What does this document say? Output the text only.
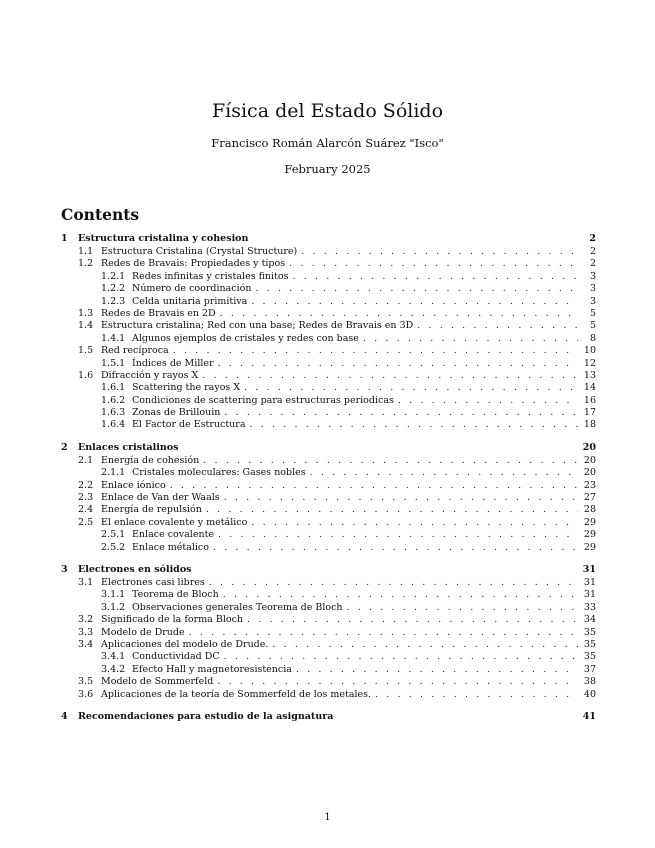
Física del Estado Sólido
Francisco Román Alarcón Suárez "Isco"
February 2025
Contents
1	Estructura cristalina y cohesion	2
1.1 Estructura Cristalina (Crystal Structure) . . .	2
1.2 Redes de Bravais: Propiedades y tipos . . .	2
1.2.1 Redes infinitas y cristales finitos . . .	3
1.2.2 Número de coordinación . . .	3
1.2.3 Celda unitaria primitiva . . .	3
1.3 Redes de Bravais en 2D . . .	5
1.4 Estructura cristalina; Red con una base; Redes de Bravais en 3D . . .	5
1.4.1 Algunos ejemplos de cristales y redes con base . . .	8
1.5 Red recíproca . . .	10
1.5.1 Índices de Miller . . .	12
1.6 Difracción y rayos X . . .	13
1.6.1 Scattering the rayos X . . .	14
1.6.2 Condiciones de scattering para estructuras periodicas . . .	16
1.6.3 Zonas de Brillouin . . .	17
1.6.4 El Factor de Estructura . . .	18
2	Enlaces cristalinos	20
2.1 Energía de cohesión . . .	20
2.1.1 Cristales moleculares: Gases nobles . . .	20
2.2 Enlace iónico . . .	23
2.3 Enlace de Van der Waals . . .	27
2.4 Energía de repulsión . . .	28
2.5 El enlace covalente y metálico . . .	29
2.5.1 Enlace covalente . . .	29
2.5.2 Enlace métalico . . .	29
3	Electrones en sólidos	31
3.1 Electrones casi libres . . .	31
3.1.1 Teorema de Bloch . . .	31
3.1.2 Observaciones generales Teorema de Bloch . . .	33
3.2 Significado de la forma Bloch . . .	34
3.3 Modelo de Drude . . .	35
3.4 Aplicaciones del modelo de Drude. . . .	35
3.4.1 Conductividad DC . . .	35
3.4.2 Efecto Hall y magnetoresistencia . . .	37
3.5 Modelo de Sommerfeld . . .	38
3.6 Aplicaciones de la teoría de Sommerfeld de los metales. . . .	40
4	Recomendaciones para estudio de la asignatura	41
1
